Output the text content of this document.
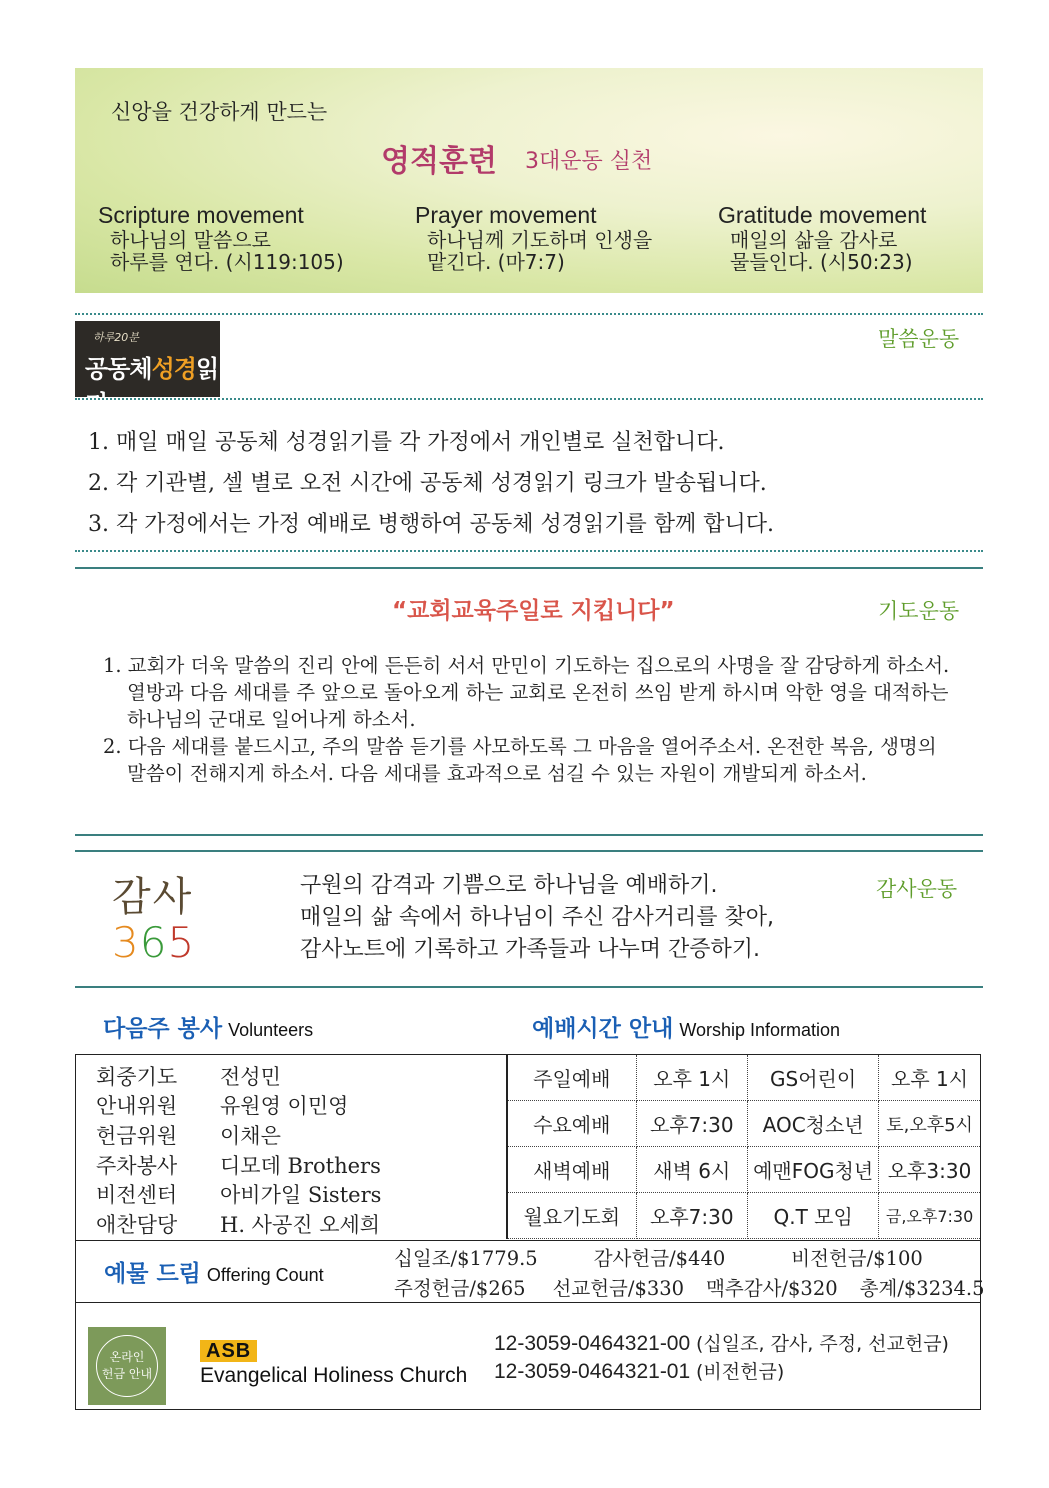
신앙을 건강하게 만드는
영적훈련 3대운동 실천
Scripture movement
하나님의 말씀으로
하루를 연다. (시119:105)
Prayer movement
하나님께 기도하며 인생을
맡긴다. (마7:7)
Gratitude movement
매일의 삶을 감사로
물들인다. (시50:23)
하루20분
공동체성경읽기
말씀운동
1. 매일 매일 공동체 성경읽기를 각 가정에서 개인별로 실천합니다.
2. 각 기관별, 셀 별로 오전 시간에 공동체 성경읽기 링크가 발송됩니다.
3. 각 가정에서는 가정 예배로 병행하여 공동체 성경읽기를 함께 합니다.
“교회교육주일로 지킵니다”	기도운동
1. 교회가 더욱 말씀의 진리 안에 든든히 서서 만민이 기도하는 집으로의 사명을 잘 감당하게 하소서. 열방과 다음 세대를 주 앞으로 돌아오게 하는 교회로 온전히 쓰임 받게 하시며 악한 영을 대적하는 하나님의 군대로 일어나게 하소서.
2. 다음 세대를 붙드시고, 주의 말씀 듣기를 사모하도록 그 마음을 열어주소서. 온전한 복음, 생명의 말씀이 전해지게 하소서. 다음 세대를 효과적으로 섬길 수 있는 자원이 개발되게 하소서.
감사
365
구원의 감격과 기쁨으로 하나님을 예배하기.
매일의 삶 속에서 하나님이 주신 감사거리를 찾아,
감사노트에 기록하고 가족들과 나누며 간증하기.
감사운동
다음주 봉사 Volunteers	예배시간 안내 Worship Information
회중기도 전성민
안내위원 유원영 이민영
헌금위원 이채은
주차봉사 디모데 Brothers
비전센터 아비가일 Sisters
애찬담당 H. 사공진 오세희
주일예배	오후 1시	GS어린이	오후 1시
수요예배	오후7:30	AOC청소년	토,오후5시
새벽예배	새벽 6시	예맨FOG청년	오후3:30
월요기도회	오후7:30	Q.T 모임	금,오후7:30
예물 드림 Offering Count
십일조/$1779.5	감사헌금/$440	비전헌금/$100
주정헌금/$265 선교헌금/$330 맥추감사/$320 총계/$3234.5
온라인
헌금 안내
ASB
Evangelical Holiness Church
12-3059-0464321-00 (십일조, 감사, 주정, 선교헌금)
12-3059-0464321-01 (비전헌금)
